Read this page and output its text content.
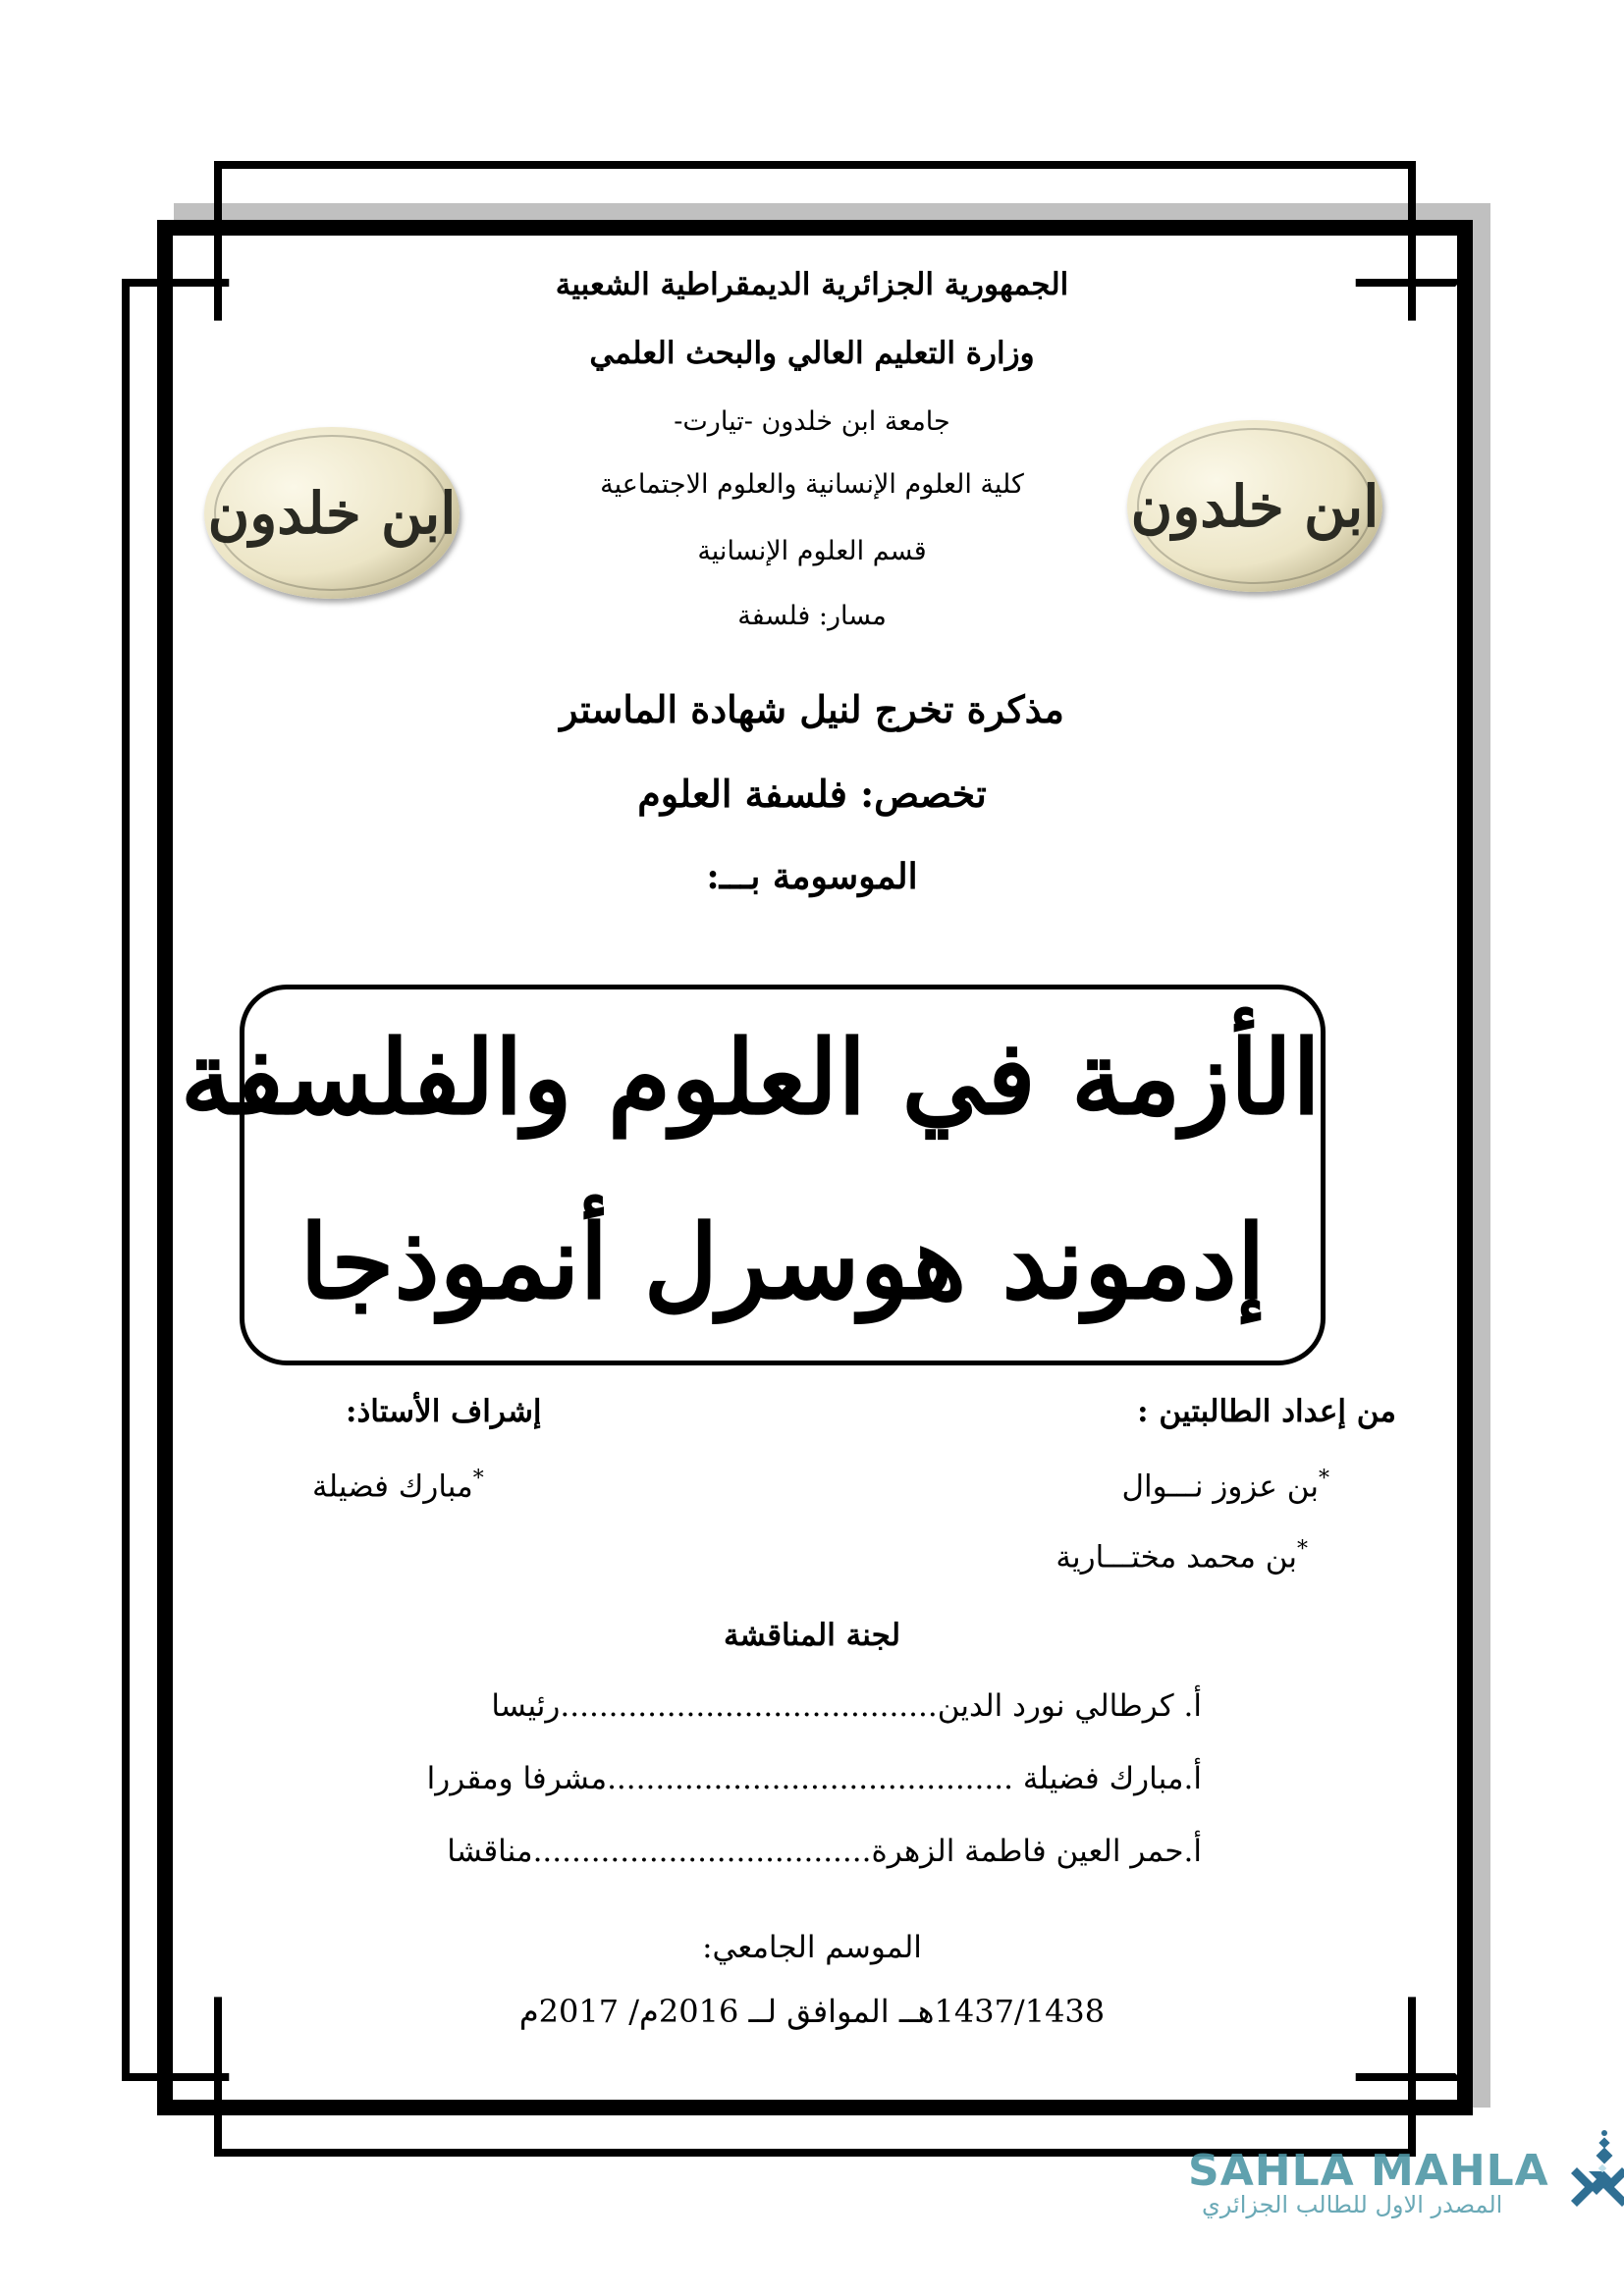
الجمهورية الجزائرية الديمقراطية الشعبية
وزارة التعليم العالي والبحث العلمي
جامعة ابن خلدون -تيارت-
كلية العلوم الإنسانية والعلوم الاجتماعية
قسم العلوم الإنسانية
مسار: فلسفة
ابن خلدون	ابن خلدون
مذكرة تخرج لنيل شهادة الماستر
تخصص: فلسفة العلوم
الموسومة بـــ:
الأزمة في العلوم والفلسفة
إدموند هوسرل أنموذجا
من إعداد الطالبتين :
*بن عزوز نـــوال
*بن محمد مختـــارية
إشراف الأستاذ:
*مبارك فضيلة
لجنة المناقشة
أ. كرطالي نورد الدين.......................................رئيسا
أ.مبارك فضيلة ..........................................مشرفا ومقررا
أ.حمر العين فاطمة الزهرة...................................مناقشا
الموسم الجامعي:
1437/1438هــ الموافق لــ 2016م/ 2017م
SAHLA MAHLA
المصدر الاول للطالب الجزائري
